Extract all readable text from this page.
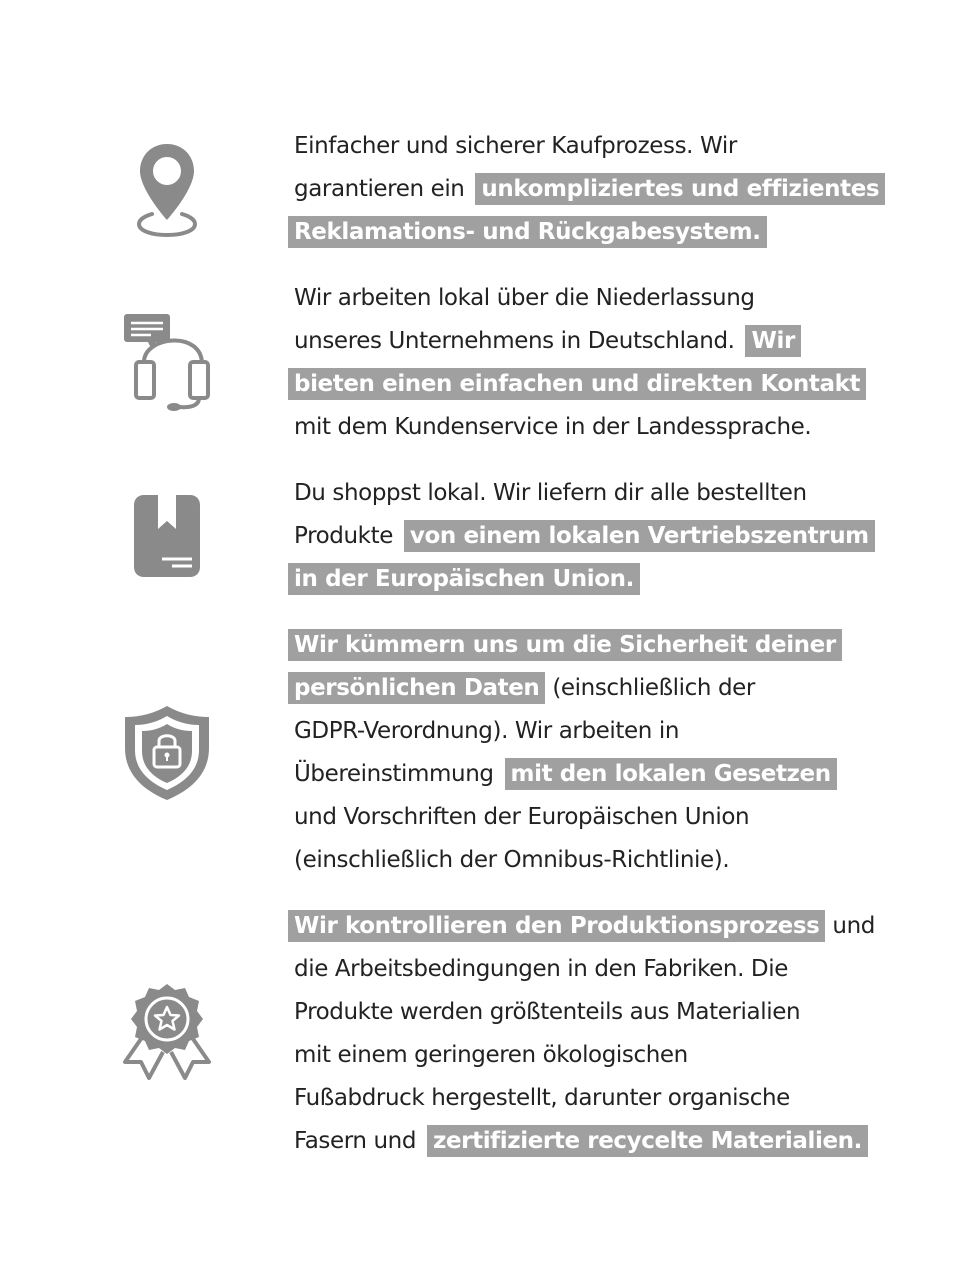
Einfacher und sicherer Kaufprozess. Wir
garantieren ein unkompliziertes und effizientes
Reklamations- und Rückgabesystem.
Wir arbeiten lokal über die Niederlassung
unseres Unternehmens in Deutschland. Wir
bieten einen einfachen und direkten Kontakt
mit dem Kundenservice in der Landessprache.
Du shoppst lokal. Wir liefern dir alle bestellten
Produkte von einem lokalen Vertriebszentrum
in der Europäischen Union.
Wir kümmern uns um die Sicherheit deiner
persönlichen Daten (einschließlich der
GDPR-Verordnung). Wir arbeiten in
Übereinstimmung mit den lokalen Gesetzen
und Vorschriften der Europäischen Union
(einschließlich der Omnibus-Richtlinie).
Wir kontrollieren den Produktionsprozess und
die Arbeitsbedingungen in den Fabriken. Die
Produkte werden größtenteils aus Materialien
mit einem geringeren ökologischen
Fußabdruck hergestellt, darunter organische
Fasern und zertifizierte recycelte Materialien.
